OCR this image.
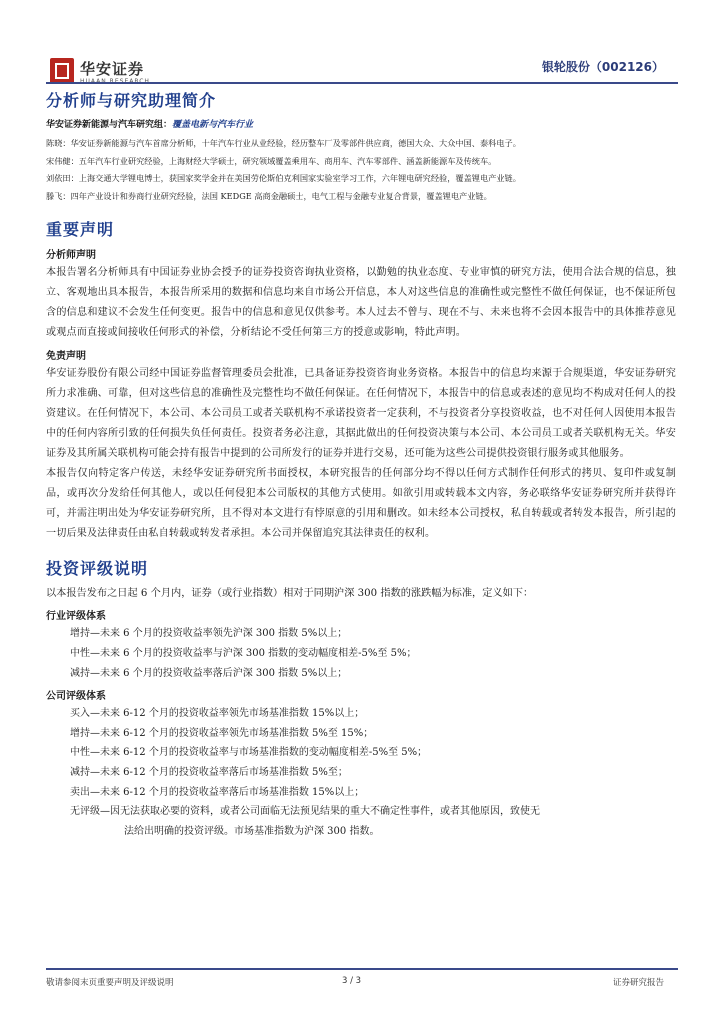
华安证券	银轮股份（002126）
分析师与研究助理简介
华安证券新能源与汽车研究组：覆盖电新与汽车行业
陈晓：华安证券新能源与汽车首席分析师，十年汽车行业从业经验，经历整车厂及零部件供应商，德国大众、大众中国、泰科电子。
宋伟健：五年汽车行业研究经验，上海财经大学硕士，研究领域覆盖乘用车、商用车、汽车零部件、涵盖新能源车及传统车。
刘依田：上海交通大学锂电博士，获国家奖学金并在美国劳伦斯伯克利国家实验室学习工作，六年锂电研究经验，覆盖锂电产业链。
滕飞：四年产业设计和券商行业研究经验，法国 KEDGE 高商金融硕士，电气工程与金融专业复合背景，覆盖锂电产业链。
重要声明
分析师声明

本报告署名分析师具有中国证券业协会授予的证券投资咨询执业资格，以勤勉的执业态度、专业审慎的研究方法，使用合法合规的信息，独立、客观地出具本报告，本报告所采用的数据和信息均来自市场公开信息，本人对这些信息的准确性或完整性不做任何保证，也不保证所包含的信息和建议不会发生任何变更。报告中的信息和意见仅供参考。本人过去不曾与、现在不与、未来也将不会因本报告中的具体推荐意见或观点而直接或间接收任何形式的补偿，分析结论不受任何第三方的授意或影响，特此声明。

免责声明

华安证券股份有限公司经中国证券监督管理委员会批准，已具备证券投资咨询业务资格。本报告中的信息均来源于合规渠道，华安证券研究所力求准确、可靠，但对这些信息的准确性及完整性均不做任何保证。在任何情况下，本报告中的信息或表述的意见均不构成对任何人的投资建议。在任何情况下，本公司、本公司员工或者关联机构不承诺投资者一定获利，不与投资者分享投资收益，也不对任何人因使用本报告中的任何内容所引致的任何损失负任何责任。投资者务必注意，其据此做出的任何投资决策与本公司、本公司员工或者关联机构无关。华安证券及其所属关联机构可能会持有报告中提到的公司所发行的证券并进行交易，还可能为这些公司提供投资银行服务或其他服务。

本报告仅向特定客户传送，未经华安证券研究所书面授权，本研究报告的任何部分均不得以任何方式制作任何形式的拷贝、复印件或复制品，或再次分发给任何其他人，或以任何侵犯本公司版权的其他方式使用。如欲引用或转载本文内容，务必联络华安证券研究所并获得许可，并需注明出处为华安证券研究所，且不得对本文进行有悖原意的引用和删改。如未经本公司授权，私自转载或者转发本报告，所引起的一切后果及法律责任由私自转载或转发者承担。本公司并保留追究其法律责任的权利。

投资评级说明

以本报告发布之日起 6 个月内，证券（或行业指数）相对于同期沪深 300 指数的涨跌幅为标准，定义如下：

行业评级体系

增持—未来 6 个月的投资收益率领先沪深 300 指数 5%以上；

中性—未来 6 个月的投资收益率与沪深 300 指数的变动幅度相差-5%至 5%；

减持—未来 6 个月的投资收益率落后沪深 300 指数 5%以上；

公司评级体系

买入—未来 6-12 个月的投资收益率领先市场基准指数 15%以上；

增持—未来 6-12 个月的投资收益率领先市场基准指数 5%至 15%；

中性—未来 6-12 个月的投资收益率与市场基准指数的变动幅度相差-5%至 5%；

减持—未来 6-12 个月的投资收益率落后市场基准指数 5%至；

卖出—未来 6-12 个月的投资收益率落后市场基准指数 15%以上；

无评级—因无法获取必要的资料，或者公司面临无法预见结果的重大不确定性事件，或者其他原因，致使无

法给出明确的投资评级。市场基准指数为沪深 300 指数。

敬请参阅末页重要声明及评级说明	3 / 3	证券研究报告
